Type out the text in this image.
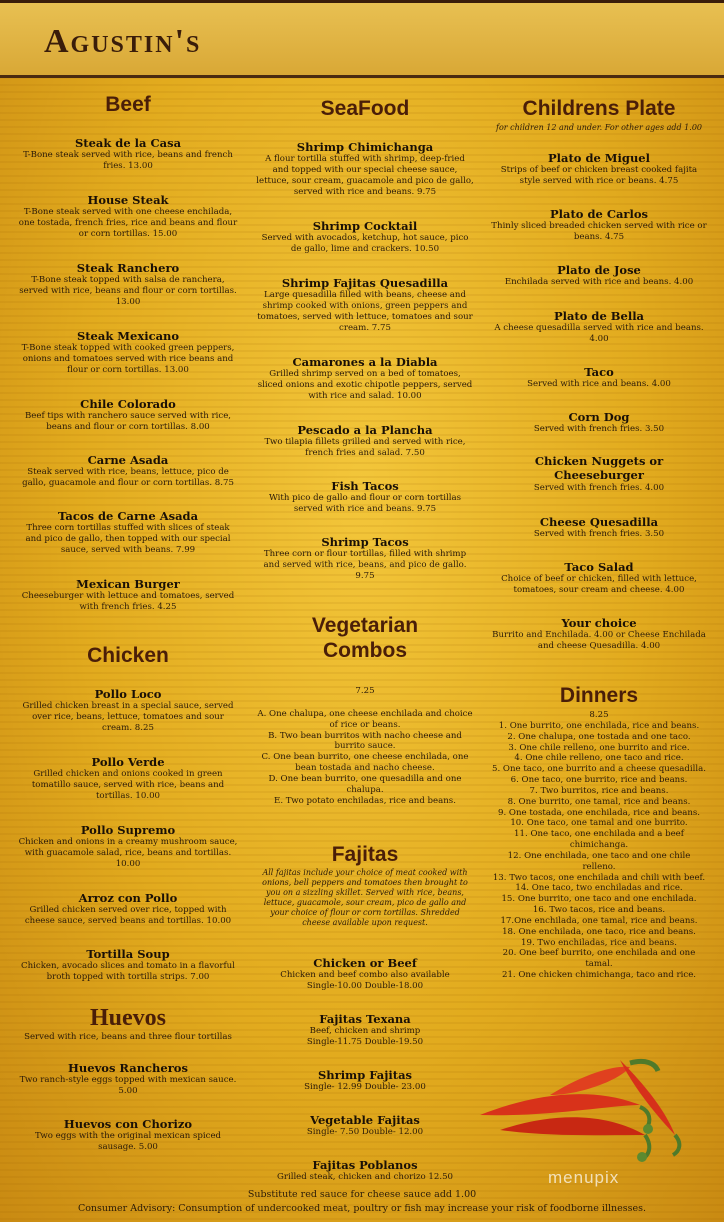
Agustin's
Beef
Steak de la Casa
T-Bone steak served with rice, beans and french fries. 13.00
House Steak
T-Bone steak served with one cheese enchilada, one tostada, french fries, rice and beans and flour or corn tortillas. 15.00
Steak Ranchero
T-Bone steak topped with salsa de ranchera, served with rice, beans and flour or corn tortillas. 13.00
Steak Mexicano
T-Bone steak topped with cooked green peppers, onions and tomatoes served with rice beans and flour or corn tortillas. 13.00
Chile Colorado
Beef tips with ranchero sauce served with rice, beans and flour or corn tortillas. 8.00
Carne Asada
Steak served with rice, beans, lettuce, pico de gallo, guacamole and flour or corn tortillas. 8.75
Tacos de Carne Asada
Three corn tortillas stuffed with slices of steak and pico de gallo, then topped with our special sauce, served with beans. 7.99
Mexican Burger
Cheeseburger with lettuce and tomatoes, served with french fries. 4.25
Chicken
Pollo Loco
Grilled chicken breast in a special sauce, served over rice, beans, lettuce, tomatoes and sour cream. 8.25
Pollo Verde
Grilled chicken and onions cooked in green tomatillo sauce, served with rice, beans and tortillas. 10.00
Pollo Supremo
Chicken and onions in a creamy mushroom sauce, with guacamole salad, rice, beans and tortillas. 10.00
Arroz con Pollo
Grilled chicken served over rice, topped with cheese sauce, served beans and tortillas. 10.00
Tortilla Soup
Chicken, avocado slices and tomato in a flavorful broth topped with tortilla strips. 7.00
Huevos
Served with rice, beans and three flour tortillas
Huevos Rancheros
Two ranch-style eggs topped with mexican sauce. 5.00
Huevos con Chorizo
Two eggs with the original mexican spiced sausage. 5.00
SeaFood
Shrimp Chimichanga
A flour tortilla stuffed with shrimp, deep-fried and topped with our special cheese sauce, lettuce, sour cream, guacamole and pico de gallo, served with rice and beans. 9.75
Shrimp Cocktail
Served with avocados, ketchup, hot sauce, pico de gallo, lime and crackers. 10.50
Shrimp Fajitas Quesadilla
Large quesadilla filled with beans, cheese and shrimp cooked with onions, green peppers and tomatoes, served with lettuce, tomatoes and sour cream. 7.75
Camarones a la Diabla
Grilled shrimp served on a bed of tomatoes, sliced onions and exotic chipotle peppers, served with rice and salad. 10.00
Pescado a la Plancha
Two tilapia fillets grilled and served with rice, french fries and salad. 7.50
Fish Tacos
With pico de gallo and flour or corn tortillas served with rice and beans. 9.75
Shrimp Tacos
Three corn or flour tortillas, filled with shrimp and served with rice, beans, and pico de gallo. 9.75
Vegetarian
Combos
7.25
A. One chalupa, one cheese enchilada and choice of rice or beans.
B. Two bean burritos with nacho cheese and burrito sauce.
C. One bean burrito, one cheese enchilada, one bean tostada and nacho cheese.
D. One bean burrito, one quesadilla and one chalupa.
E. Two potato enchiladas, rice and beans.
Fajitas
All fajitas include your choice of meat cooked with onions, bell peppers and tomatoes then brought to you on a sizzling skillet. Served with rice, beans, lettuce, guacamole, sour cream, pico de gallo and your choice of flour or corn tortillas. Shredded cheese available upon request.
Chicken or Beef
Chicken and beef combo also available
Single-10.00 Double-18.00
Fajitas Texana
Beef, chicken and shrimp
Single-11.75 Double-19.50
Shrimp Fajitas
Single- 12.99 Double- 23.00
Vegetable Fajitas
Single- 7.50 Double- 12.00
Fajitas Poblanos
Grilled steak, chicken and chorizo 12.50
Childrens Plate
for children 12 and under. For other ages add 1.00
Plato de Miguel
Strips of beef or chicken breast cooked fajita style served with rice or beans. 4.75
Plato de Carlos
Thinly sliced breaded chicken served with rice or beans. 4.75
Plato de Jose
Enchilada served with rice and beans. 4.00
Plato de Bella
A cheese quesadilla served with rice and beans. 4.00
Taco
Served with rice and beans. 4.00
Corn Dog
Served with french fries. 3.50
Chicken Nuggets or Cheeseburger
Served with french fries. 4.00
Cheese Quesadilla
Served with french fries. 3.50
Taco Salad
Choice of beef or chicken, filled with lettuce, tomatoes, sour cream and cheese. 4.00
Your choice
Burrito and Enchilada. 4.00 or Cheese Enchilada and cheese Quesadilla. 4.00
Dinners
8.25
1. One burrito, one enchilada, rice and beans.
2. One chalupa, one tostada and one taco.
3. One chile relleno, one burrito and rice.
4. One chile relleno, one taco and rice.
5. One taco, one burrito and a cheese quesadilla.
6. One taco, one burrito, rice and beans.
7. Two burritos, rice and beans.
8. One burrito, one tamal, rice and beans.
9. One tostada, one enchilada, rice and beans.
10. One taco, one tamal and one burrito.
11. One taco, one enchilada and a beef chimichanga.
12. One enchilada, one taco and one chile relleno.
13. Two tacos, one enchilada and chili with beef.
14. One taco, two enchiladas and rice.
15. One burrito, one taco and one enchilada.
16. Two tacos, rice and beans.
17.One enchilada, one tamal, rice and beans.
18. One enchilada, one taco, rice and beans.
19. Two enchiladas, rice and beans.
20. One beef burrito, one enchilada and one tamal.
21. One chicken chimichanga, taco and rice.
menupix
Substitute red sauce for cheese sauce add 1.00
Consumer Advisory: Consumption of undercooked meat, poultry or fish may increase your risk of foodborne illnesses.
